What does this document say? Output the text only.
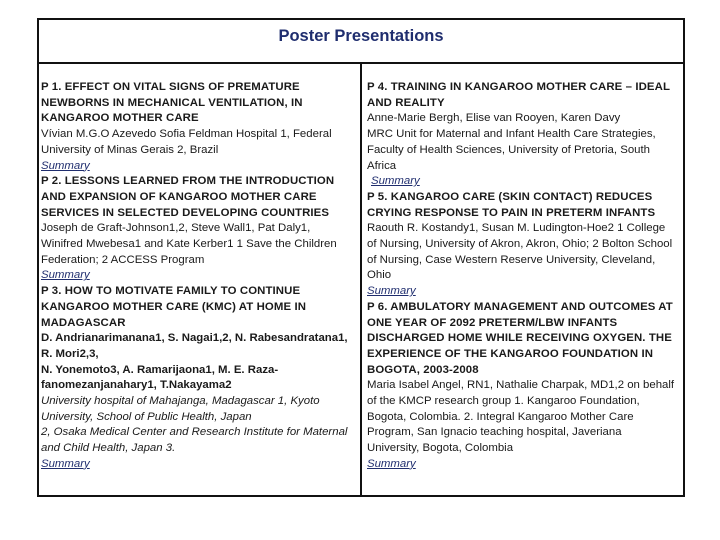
Poster Presentations
P 1. EFFECT ON VITAL SIGNS OF PREMATURE NEWBORNS IN MECHANICAL VENTILATION, IN KANGAROO MOTHER CARE
Vívian M.G.O Azevedo Sofia Feldman Hospital 1, Federal University of Minas Gerais 2, Brazil
Summary
P 2. LESSONS LEARNED FROM THE INTRODUCTION AND EXPANSION OF KANGAROO MOTHER CARE SERVICES IN SELECTED DEVELOPING COUNTRIES
Joseph de Graft-Johnson1,2, Steve Wall1, Pat Daly1, Winifred Mwebesa1 and Kate Kerber1 1 Save the Children Federation; 2 ACCESS Program
Summary
P 3. HOW TO MOTIVATE FAMILY TO CONTINUE KANGAROO MOTHER CARE (KMC) AT HOME IN MADAGASCAR
D. Andrianarimanana1, S. Nagai1,2, N. Rabesandratana1, R. Mori2,3,
N. Yonemoto3, A. Ramarijaona1, M. E. Raza-fanomezanjanahary1, T.Nakayama2
University hospital of Mahajanga, Madagascar 1, Kyoto University, School of Public Health, Japan
2, Osaka Medical Center and Research Institute for Maternal and Child Health, Japan 3.
Summary
P 4. TRAINING IN KANGAROO MOTHER CARE – IDEAL AND REALITY
Anne-Marie Bergh, Elise van Rooyen, Karen Davy
MRC Unit for Maternal and Infant Health Care Strategies, Faculty of Health Sciences, University of Pretoria, South Africa
Summary
P 5. KANGAROO CARE (SKIN CONTACT) REDUCES CRYING RESPONSE TO PAIN IN PRETERM INFANTS
Raouth R. Kostandy1, Susan M. Ludington-Hoe2 1 College of Nursing, University of Akron, Akron, Ohio; 2 Bolton School of Nursing, Case Western Reserve University, Cleveland, Ohio
Summary
P 6. AMBULATORY MANAGEMENT AND OUTCOMES AT ONE YEAR OF 2092 PRETERM/LBW INFANTS DISCHARGED HOME WHILE RECEIVING OXYGEN. THE EXPERIENCE OF THE KANGAROO FOUNDATION IN BOGOTA, 2003-2008
Maria Isabel Angel, RN1, Nathalie Charpak, MD1,2 on behalf of the KMCP research group 1. Kangaroo Foundation, Bogota, Colombia. 2. Integral Kangaroo Mother Care Program, San Ignacio teaching hospital, Javeriana University, Bogota, Colombia
Summary
